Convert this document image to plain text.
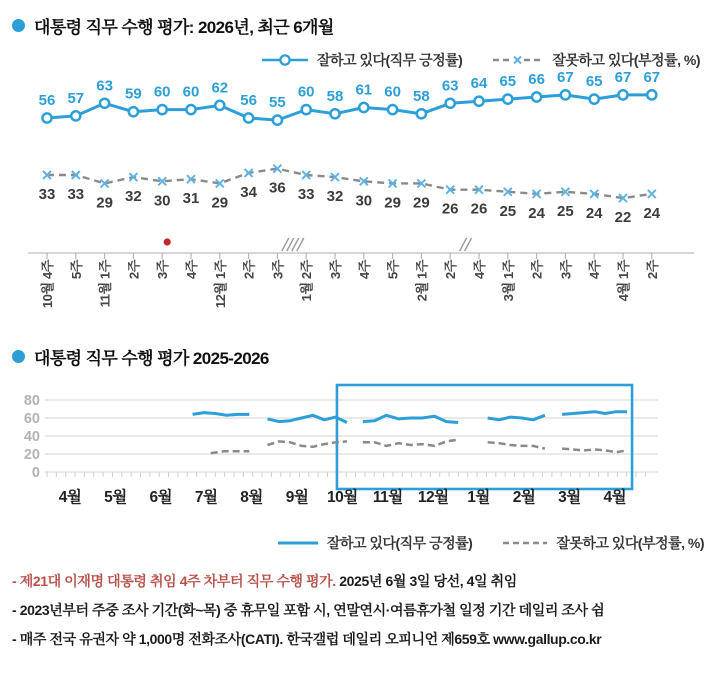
대통령 직무 수행 평가: 2026년, 최근 6개월
잘하고 있다(직무 긍정률)	잘못하고 있다(부정률, %)
10월 4주 5주 11월 1주 2주 3주 4주 12월 1주 2주 3주 1월 2주 3주 4주 5주 2월 1주 2주 4주 3월 1주 2주 3주 4주 4월 1주 2주
33 33 29 32 30 31 29
34 36 33 32 30 29 29 26 26 25 24 25 24 22 24
56 57
63 59 60 60 62
56 55
60 58 61 60 58
63 64 65 66 67 65 67 67
대통령 직무 수행 평가 2025-2026
0
20
40
60
80
4월 5월 6월 7월 8월 9월 10월 11월 12월 1월 2월 3월 4월
잘하고 있다(직무 긍정률)	잘못하고 있다(부정률, %)
- 제21대 이재명 대통령 취임 4주 차부터 직무 수행 평가. 2025년 6월 3일 당선, 4일 취임
- 2023년부터 주중 조사 기간(화~목) 중 휴무일 포함 시, 연말연시·여름휴가철 일정 기간 데일리 조사 쉼
- 매주 전국 유권자 약 1,000명 전화조사(CATI). 한국갤럽 데일리 오피니언 제659호 www.gallup.co.kr
